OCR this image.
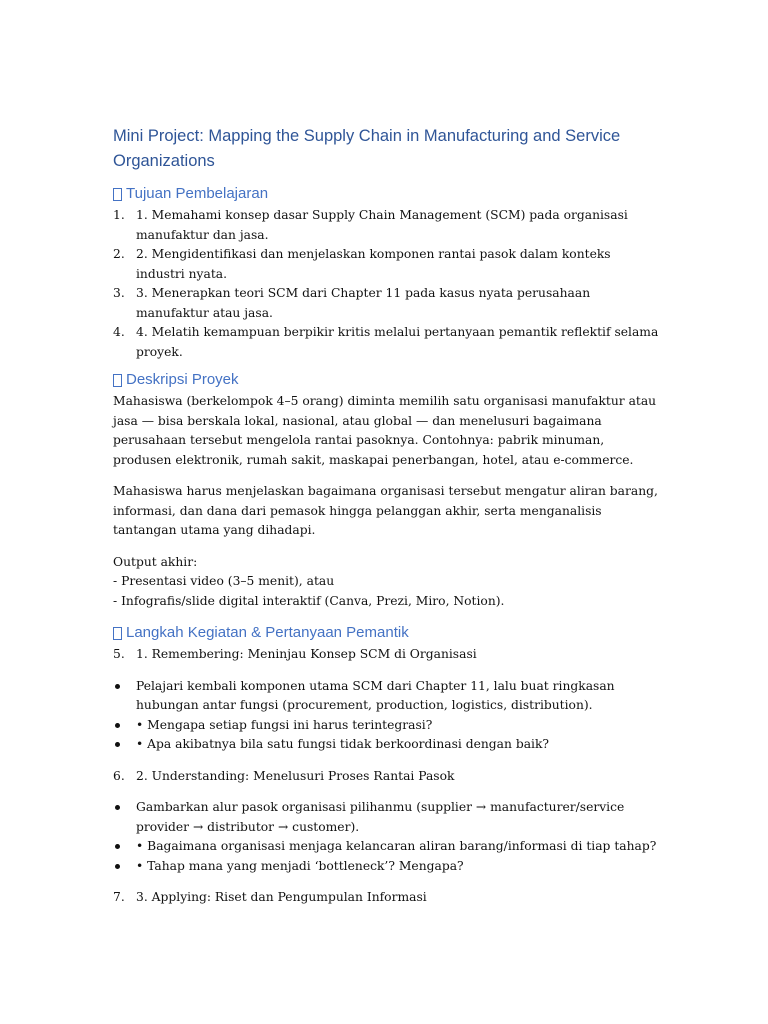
Mini Project: Mapping the Supply Chain in Manufacturing and Service Organizations
Tujuan Pembelajaran
1. 1. Memahami konsep dasar Supply Chain Management (SCM) pada organisasi manufaktur dan jasa.
2. 2. Mengidentifikasi dan menjelaskan komponen rantai pasok dalam konteks industri nyata.
3. 3. Menerapkan teori SCM dari Chapter 11 pada kasus nyata perusahaan manufaktur atau jasa.
4. 4. Melatih kemampuan berpikir kritis melalui pertanyaan pemantik reflektif selama proyek.
Deskripsi Proyek

Mahasiswa (berkelompok 4–5 orang) diminta memilih satu organisasi manufaktur atau jasa — bisa berskala lokal, nasional, atau global — dan menelusuri bagaimana perusahaan tersebut mengelola rantai pasoknya. Contohnya: pabrik minuman, produsen elektronik, rumah sakit, maskapai penerbangan, hotel, atau e-commerce.

Mahasiswa harus menjelaskan bagaimana organisasi tersebut mengatur aliran barang, informasi, dan dana dari pemasok hingga pelanggan akhir, serta menganalisis tantangan utama yang dihadapi.

Output akhir:

- Presentasi video (3–5 menit), atau

- Infografis/slide digital interaktif (Canva, Prezi, Miro, Notion).

Langkah Kegiatan & Pertanyaan Pemantik
5. 1. Remembering: Meninjau Konsep SCM di Organisasi
Pelajari kembali komponen utama SCM dari Chapter 11, lalu buat ringkasan hubungan antar fungsi (procurement, production, logistics, distribution).
• Mengapa setiap fungsi ini harus terintegrasi?
• Apa akibatnya bila satu fungsi tidak berkoordinasi dengan baik?
6. 2. Understanding: Menelusuri Proses Rantai Pasok
Gambarkan alur pasok organisasi pilihanmu (supplier → manufacturer/service provider → distributor → customer).
• Bagaimana organisasi menjaga kelancaran aliran barang/informasi di tiap tahap?
• Tahap mana yang menjadi ‘bottleneck’? Mengapa?
7. 3. Applying: Riset dan Pengumpulan Informasi
